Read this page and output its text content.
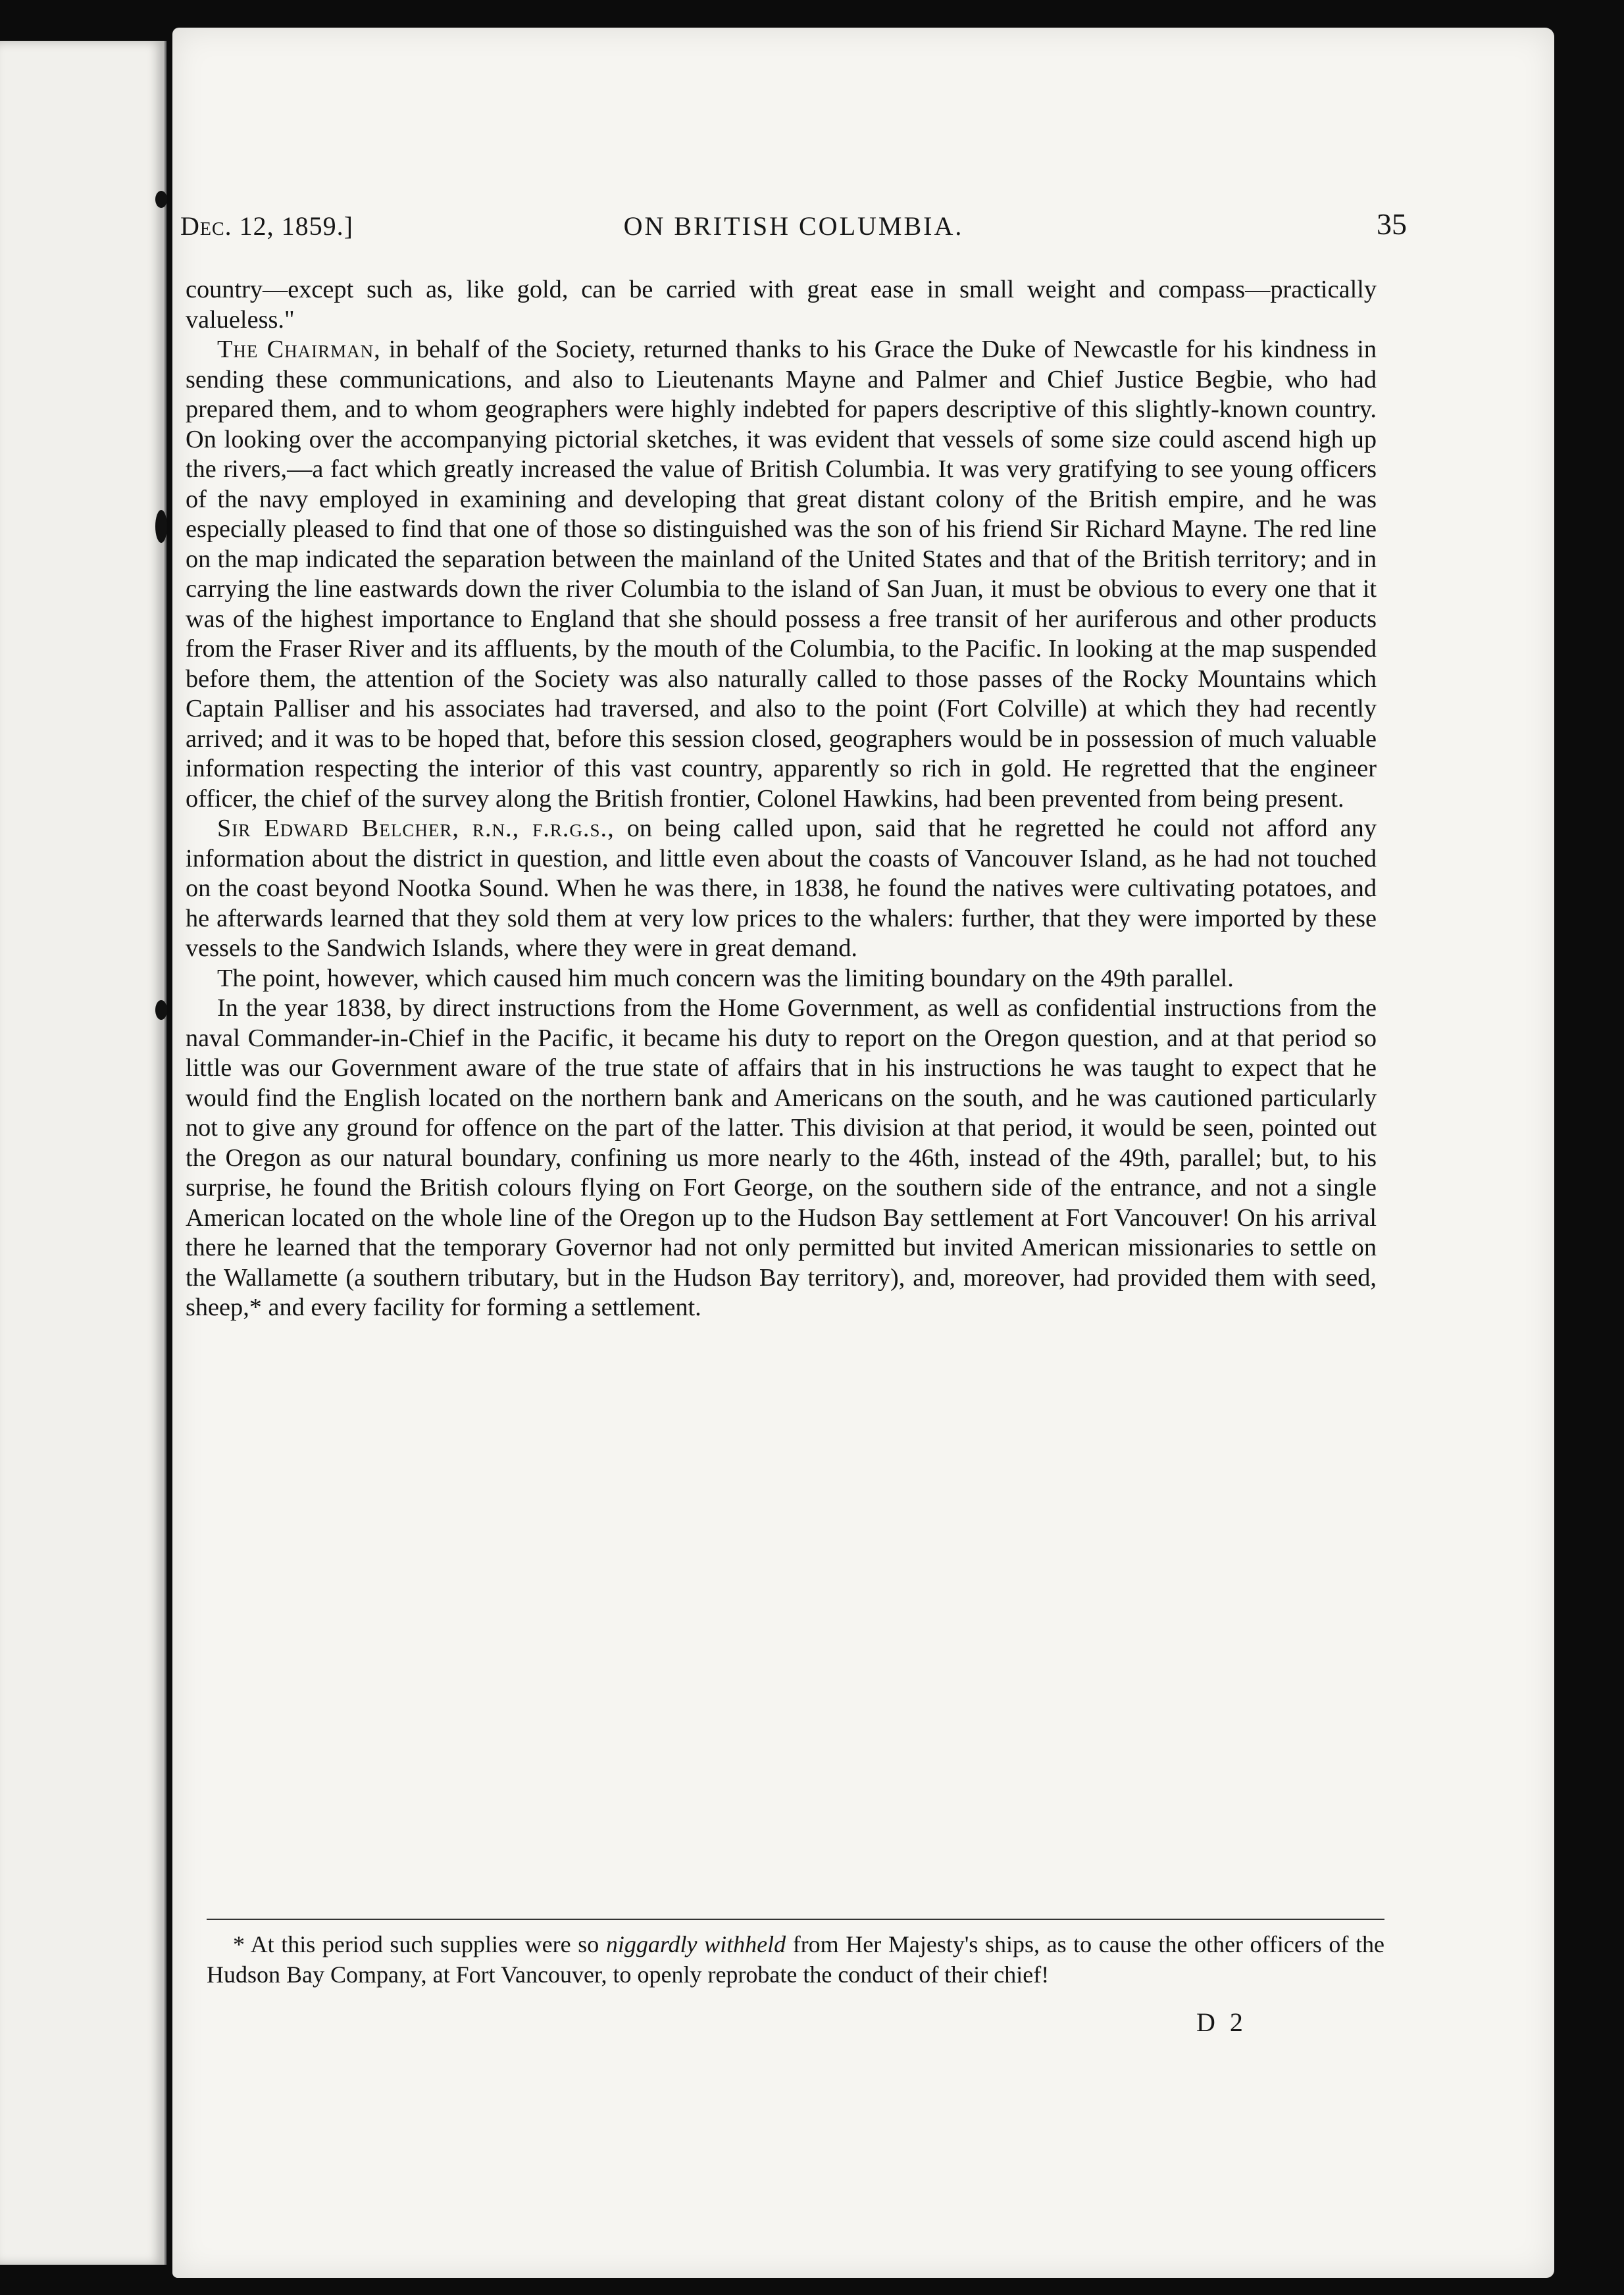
Dec. 12, 1859.]	ON BRITISH COLUMBIA.	35

country—except such as, like gold, can be carried with great ease in small weight and compass—practically valueless."

The Chairman, in behalf of the Society, returned thanks to his Grace the Duke of Newcastle for his kindness in sending these communications, and also to Lieutenants Mayne and Palmer and Chief Justice Begbie, who had prepared them, and to whom geographers were highly indebted for papers descriptive of this slightly-known country. On looking over the accompanying pictorial sketches, it was evident that vessels of some size could ascend high up the rivers,—a fact which greatly increased the value of British Columbia. It was very gratifying to see young officers of the navy employed in examining and developing that great distant colony of the British empire, and he was especially pleased to find that one of those so distinguished was the son of his friend Sir Richard Mayne. The red line on the map indicated the separation between the mainland of the United States and that of the British territory; and in carrying the line eastwards down the river Columbia to the island of San Juan, it must be obvious to every one that it was of the highest importance to England that she should possess a free transit of her auriferous and other products from the Fraser River and its affluents, by the mouth of the Columbia, to the Pacific. In looking at the map suspended before them, the attention of the Society was also naturally called to those passes of the Rocky Mountains which Captain Palliser and his associates had traversed, and also to the point (Fort Colville) at which they had recently arrived; and it was to be hoped that, before this session closed, geographers would be in possession of much valuable information respecting the interior of this vast country, apparently so rich in gold. He regretted that the engineer officer, the chief of the survey along the British frontier, Colonel Hawkins, had been prevented from being present.

Sir Edward Belcher, r.n., f.r.g.s., on being called upon, said that he regretted he could not afford any information about the district in question, and little even about the coasts of Vancouver Island, as he had not touched on the coast beyond Nootka Sound. When he was there, in 1838, he found the natives were cultivating potatoes, and he afterwards learned that they sold them at very low prices to the whalers: further, that they were imported by these vessels to the Sandwich Islands, where they were in great demand.

The point, however, which caused him much concern was the limiting boundary on the 49th parallel.

In the year 1838, by direct instructions from the Home Government, as well as confidential instructions from the naval Commander-in-Chief in the Pacific, it became his duty to report on the Oregon question, and at that period so little was our Government aware of the true state of affairs that in his instructions he was taught to expect that he would find the English located on the northern bank and Americans on the south, and he was cautioned particularly not to give any ground for offence on the part of the latter. This division at that period, it would be seen, pointed out the Oregon as our natural boundary, confining us more nearly to the 46th, instead of the 49th, parallel; but, to his surprise, he found the British colours flying on Fort George, on the southern side of the entrance, and not a single American located on the whole line of the Oregon up to the Hudson Bay settlement at Fort Vancouver! On his arrival there he learned that the temporary Governor had not only permitted but invited American missionaries to settle on the Wallamette (a southern tributary, but in the Hudson Bay territory), and, moreover, had provided them with seed, sheep,* and every facility for forming a settlement.

* At this period such supplies were so niggardly withheld from Her Majesty's ships, as to cause the other officers of the Hudson Bay Company, at Fort Vancouver, to openly reprobate the conduct of their chief!
D 2
